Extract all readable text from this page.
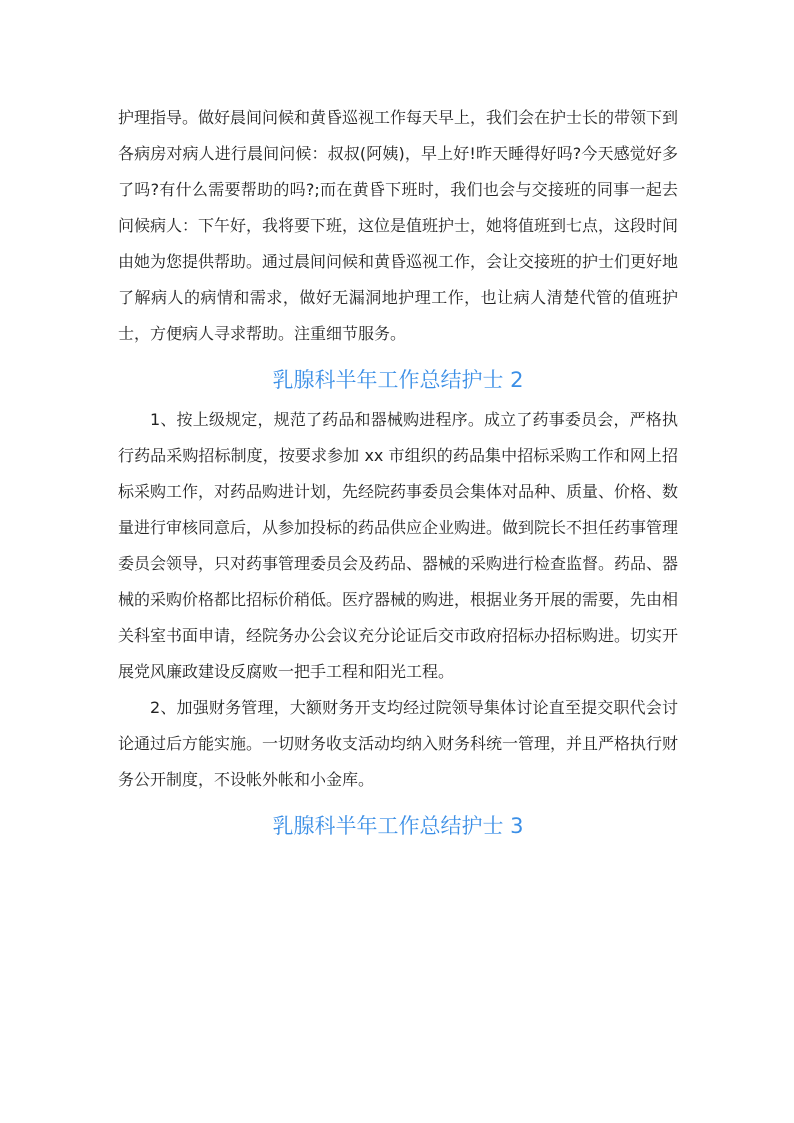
护理指导。做好晨间问候和黄昏巡视工作每天早上，我们会在护士长的带领下到各病房对病人进行晨间问候：叔叔(阿姨)，早上好!昨天睡得好吗?今天感觉好多了吗?有什么需要帮助的吗?;而在黄昏下班时，我们也会与交接班的同事一起去问候病人：下午好，我将要下班，这位是值班护士，她将值班到七点，这段时间由她为您提供帮助。通过晨间问候和黄昏巡视工作，会让交接班的护士们更好地了解病人的病情和需求，做好无漏洞地护理工作，也让病人清楚代管的值班护士，方便病人寻求帮助。注重细节服务。

乳腺科半年工作总结护士 2

1、按上级规定，规范了药品和器械购进程序。成立了药事委员会，严格执行药品采购招标制度，按要求参加 xx 市组织的药品集中招标采购工作和网上招标采购工作，对药品购进计划，先经院药事委员会集体对品种、质量、价格、数量进行审核同意后，从参加投标的药品供应企业购进。做到院长不担任药事管理委员会领导，只对药事管理委员会及药品、器械的采购进行检查监督。药品、器械的采购价格都比招标价稍低。医疗器械的购进，根据业务开展的需要，先由相关科室书面申请，经院务办公会议充分论证后交市政府招标办招标购进。切实开展党风廉政建设反腐败一把手工程和阳光工程。

2、加强财务管理，大额财务开支均经过院领导集体讨论直至提交职代会讨论通过后方能实施。一切财务收支活动均纳入财务科统一管理，并且严格执行财务公开制度，不设帐外帐和小金库。

乳腺科半年工作总结护士 3
